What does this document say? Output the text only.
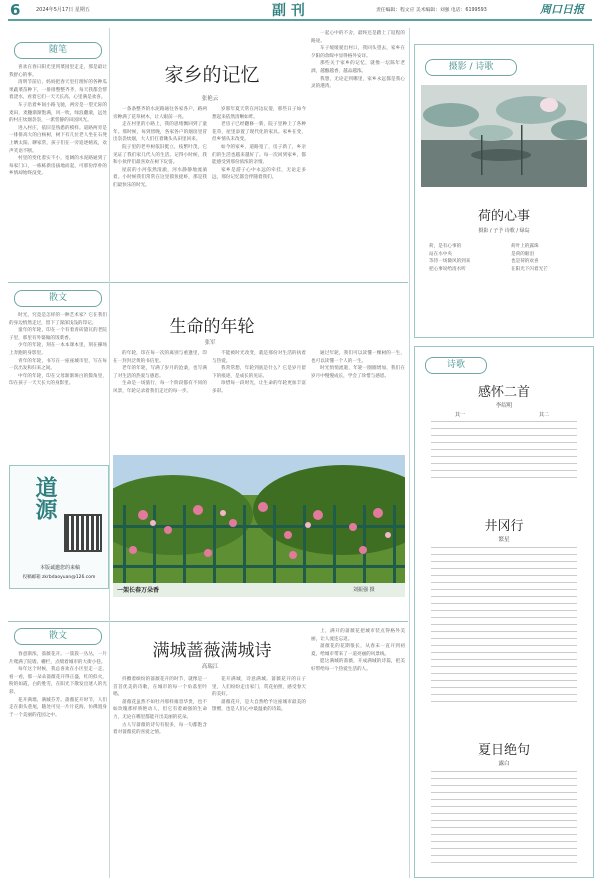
6	2024年5月17日 星期五	副 刊	责任编辑：程文应 美术编辑：刘强 电话：6199593	周口日报
随笔

喜欢在春日阳光里到菜园里走走，那是最让我舒心的事。

清明节前后，妈妈把春天里打理好的各种瓜果蔬菜苗种下，一排排整整齐齐，每天我都会帮着浇水，看着它们一天天长高，心里满是欢喜。

车子沿着乡间小路飞驰，两旁是一望无际的麦田，麦穗渐渐饱满，风一吹，绿浪翻滚，远处的村庄炊烟袅袅，一派恬静的田园风光。

进入村庄，依旧是熟悉的模样。道路两旁是一排排高大的白杨树，树下有几位老人坐在石凳上晒太阳、聊家常，孩子们在一旁追逐嬉戏，欢声笑语不断。

村里的变化着实不小，宽阔的水泥路通到了每家门口，一栋栋新房拔地而起，可那份淳朴的乡情却始终没变。

散文

时光，究竟是怎样的一种艺术家？它在我们的身边悄然走过，留下了深深浅浅的印记。

童年的年轮，印在一个有着青砖黛瓦的老院子里，那里有外婆做的饭菜香。

少年的年轮，刻在一本本课本里，刻在操场上奔跑的身影里。

青年的年轮，书写在一座座城市里，写在每一次出发和归来之间。

中年的年轮，印在父母渐渐斑白的鬓角里，印在孩子一天天长大的身影里。

道源
本版诚邀您的来稿
投稿邮箱 zkrbdaoyuan@126.com
散文

春意渐浓，蔷薇花开。一簇簇一丛丛，一片片爬满了院墙、栅栏，点缀着城市的大街小巷。

每年这个时候，我总喜欢在小区里走一走，看一看，那一朵朵蔷薇花开得正盛，红的似火，粉的如霞，白的胜雪，在阳光下散发出迷人的光彩。

花开满墙，满城芬芳。蔷薇花开时节，人们走在街头巷尾，随处可见一片片花海，仿佛置身于一个美丽的花园之中。

家乡的记忆
张艳云

一条条整齐的水泥路通往各家各户，路两旁种满了花草树木，让人眼前一亮。

走在村里的小路上，我的思绪飘回到了童年。那时候，每到傍晚，各家各户的烟囱里冒出袅袅炊烟，大人们扛着锄头从田里回来。

院子里的老枣树依旧挺立，枝繁叶茂，它见证了我们家几代人的生活。记得小时候，我和小伙伴们最喜欢在树下玩耍。

屋前的小河依然清澈，河水静静地流淌着。小时候我们常常在这里摸鱼捉虾，那是我们最快乐的时光。

岁那年夏天常在河边玩耍，那些日子如今想起来依然清晰如昨。

老房子已经翻修一新，院子里种上了各种花草，屋里添置了现代化的家具。家乡在变，但乡情从未改变。

如今的家乡，道路宽了，房子新了，乡亲们的生活也越来越好了。每一次回到家乡，都能感受到那份浓浓的亲情。

家乡是游子心中永远的牵挂，无论走多远，那份记忆都会伴随着我们。

一起心中的不舍，最终还是踏上了返程的路途。

车子缓缓驶出村口，我回头望去，家乡在夕阳的余晖中显得格外安详。

那些关于家乡的记忆，就像一坛陈年老酒，越酿越香，越品越浓。

我想，无论走到哪里，家乡永远都是我心灵的港湾。

生命的年轮
张军

的年轮，印在每一次的离别与重逢里，印在一封封泛黄的书信里。

老年的年轮，写满了岁月的沧桑，也写满了对生活的热爱与感恩。

生命是一场旅行，每一个阶段都有不同的风景，年轮记录着我们走过的每一步。

不能被时光改变，就是那份对生活的执着与热爱。

我常常想，年轮到底是什么？它是岁月留下的痕迹，是成长的见证。

珍惜每一段时光，让生命的年轮更加丰富多彩。

通过年轮，我们可以读懂一棵树的一生，也可以读懂一个人的一生。

时光悄悄流逝，年轮一圈圈增加，我们在岁月中慢慢成长，学会了珍惜与感恩。

一架长春万朵香	刘振强 摄
满城蔷薇满城诗
高瑞江

抖擞着缤纷的蔷薇花开的时节，就像是一首首优美的诗歌，在城市的每一个角落里吟唱。

蔷薇花虽然不如牡丹那样雍容华贵，也不如玫瑰那样娇艳动人，但它有着顽强的生命力，无论在哪里都能开出美丽的花朵。

古人写蔷薇的诗句有很多，每一句都饱含着对蔷薇花的喜爱之情。

花开满城，诗意满城。蔷薇花开的日子里，人们纷纷走出家门，赏花拍照，感受春天的美好。

蔷薇花开，是大自然给予这座城市最美的馈赠，也是人们心中最温柔的诗篇。

上，满开的蔷薇花把城市装点得格外美丽，让人流连忘返。

蔷薇花的花期很长，从春末一直开到初夏，给城市带来了一道亮丽的风景线。

愿这满城的蔷薇，开成满城的诗篇，把美好带给每一个热爱生活的人。

摄影 / 诗歌
荷的心事
摄影 / 子予 诗歌 / 绿岛
荷，是有心事的
站在水中央
等待一场微风的到来
把心事说给清水听
荷叶上的露珠
是荷的眼泪
也是荷的欢喜
在阳光下闪着光芒
诗歌
感怀二首
李绍明
其一	其二
井冈行
繁星
夏日绝句
露白
